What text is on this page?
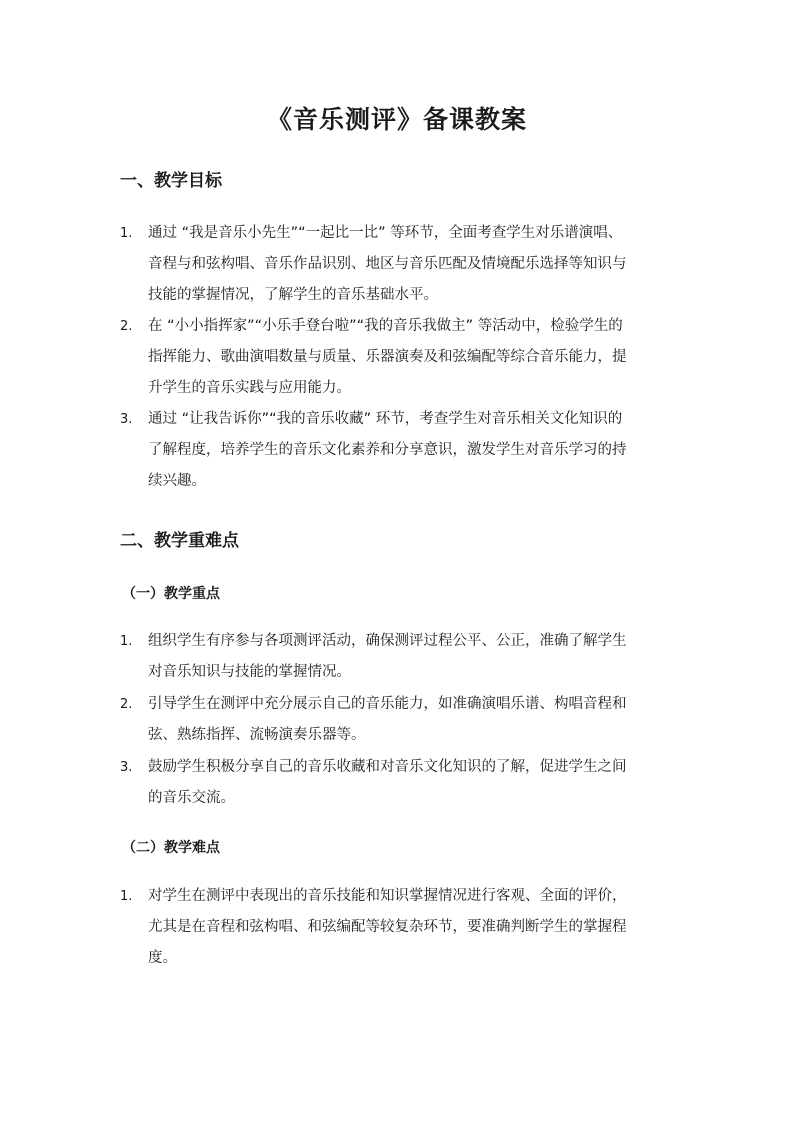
《音乐测评》备课教案
一、教学目标
1. 通过 “我是音乐小先生”“一起比一比” 等环节，全面考查学生对乐谱演唱、
音程与和弦构唱、音乐作品识别、地区与音乐匹配及情境配乐选择等知识与
技能的掌握情况，了解学生的音乐基础水平。
2. 在 “小小指挥家”“小乐手登台啦”“我的音乐我做主” 等活动中，检验学生的
指挥能力、歌曲演唱数量与质量、乐器演奏及和弦编配等综合音乐能力，提
升学生的音乐实践与应用能力。
3. 通过 “让我告诉你”“我的音乐收藏” 环节，考查学生对音乐相关文化知识的
了解程度，培养学生的音乐文化素养和分享意识，激发学生对音乐学习的持
续兴趣。
二、教学重难点
（一）教学重点
1. 组织学生有序参与各项测评活动，确保测评过程公平、公正，准确了解学生
对音乐知识与技能的掌握情况。
2. 引导学生在测评中充分展示自己的音乐能力，如准确演唱乐谱、构唱音程和
弦、熟练指挥、流畅演奏乐器等。
3. 鼓励学生积极分享自己的音乐收藏和对音乐文化知识的了解，促进学生之间
的音乐交流。
（二）教学难点
1. 对学生在测评中表现出的音乐技能和知识掌握情况进行客观、全面的评价，
尤其是在音程和弦构唱、和弦编配等较复杂环节，要准确判断学生的掌握程
度。
